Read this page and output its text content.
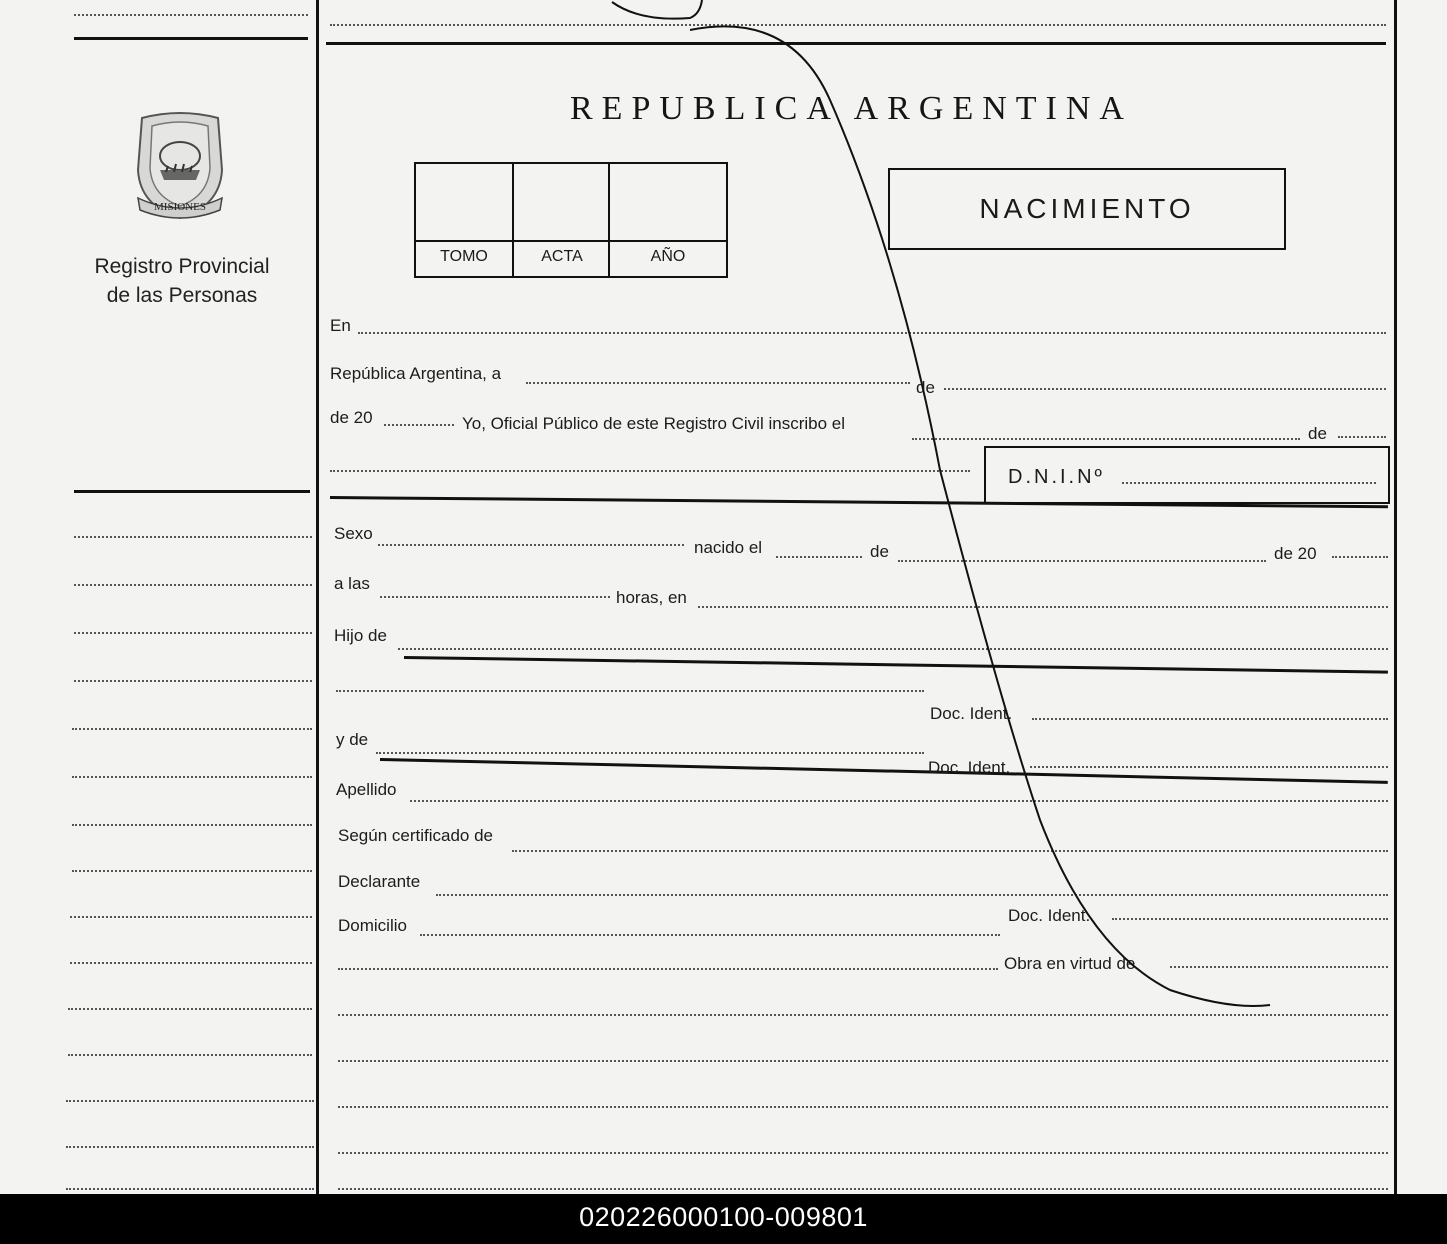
MISIONES
Registro Provincial
de las Personas
REPUBLICA ARGENTINA
TOMO	ACTA	AÑO
NACIMIENTO
En
República Argentina, a
de
de 20	Yo, Oficial Público de este Registro Civil inscribo el
de
D.N.I.Nº
Sexo
nacido el	de	de 20
a las
horas, en
Hijo de
Doc. Ident.
y de
Doc. Ident.
Apellido
Según certificado de
Declarante
Domicilio
Doc. Ident.
Obra en virtud de
020226000100-009801
